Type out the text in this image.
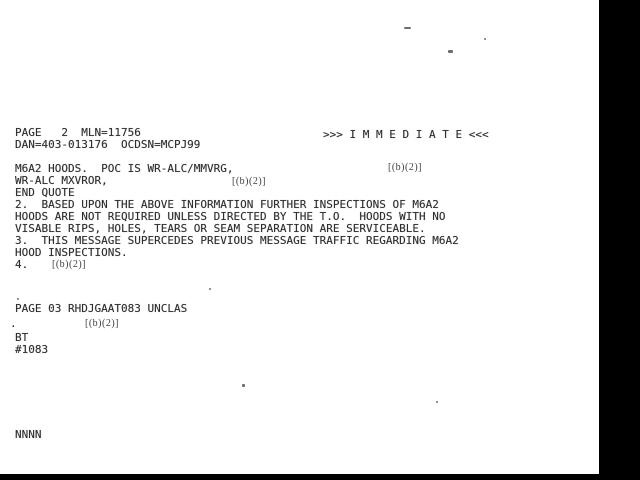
PAGE   2  MLN=11756	>>> I M M E D I A T E <<<
DAN=403-013176  OCDSN=MCPJ99
M6A2 HOODS.  POC IS WR-ALC/MMVRG,	[(b)(2)]
WR-ALC MXVROR,	[(b)(2)]
END QUOTE
2.  BASED UPON THE ABOVE INFORMATION FURTHER INSPECTIONS OF M6A2
HOODS ARE NOT REQUIRED UNLESS DIRECTED BY THE T.O.  HOODS WITH NO
VISABLE RIPS, HOLES, TEARS OR SEAM SEPARATION ARE SERVICEABLE.
3.  THIS MESSAGE SUPERCEDES PREVIOUS MESSAGE TRAFFIC REGARDING M6A2
HOOD INSPECTIONS.
4. [(b)(2)]
PAGE 03 RHDJGAAT083 UNCLAS
.	[(b)(2)]
BT
#1083
NNNN
